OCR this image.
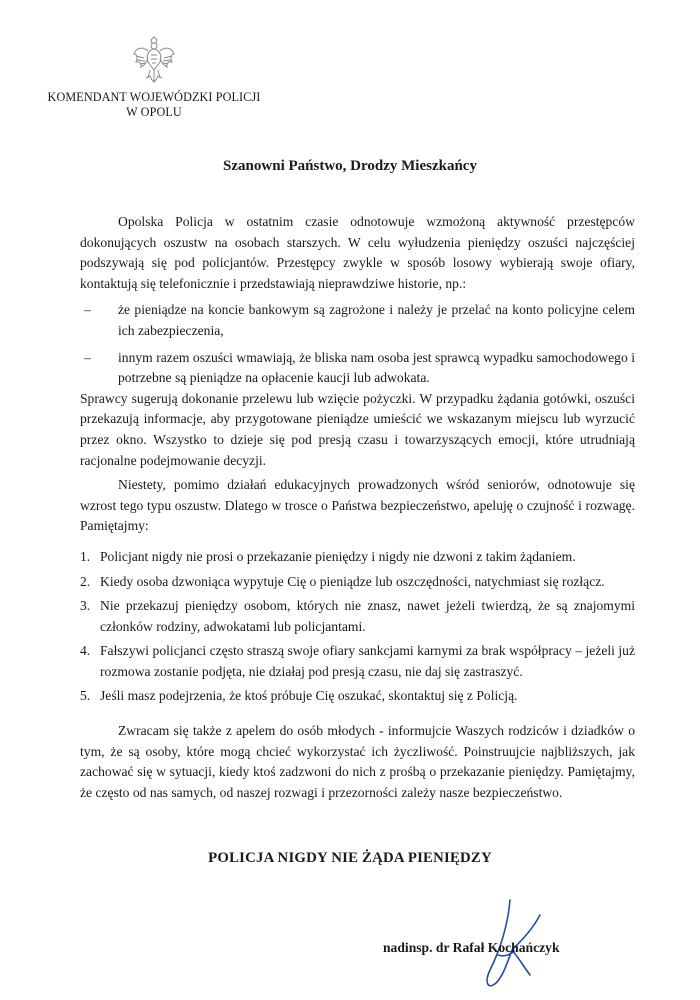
KOMENDANT WOJEWÓDZKI POLICJI
W OPOLU
Szanowni Państwo, Drodzy Mieszkańcy

Opolska Policja w ostatnim czasie odnotowuje wzmożoną aktywność przestępców dokonujących oszustw na osobach starszych. W celu wyłudzenia pieniędzy oszuści najczęściej podszywają się pod policjantów. Przestępcy zwykle w sposób losowy wybierają swoje ofiary, kontaktują się telefonicznie i przedstawiają nieprawdziwe historie, np.:

– że pieniądze na koncie bankowym są zagrożone i należy je przelać na konto policyjne celem ich zabezpieczenia,
– innym razem oszuści wmawiają, że bliska nam osoba jest sprawcą wypadku samochodowego i potrzebne są pieniądze na opłacenie kaucji lub adwokata.

Sprawcy sugerują dokonanie przelewu lub wzięcie pożyczki. W przypadku żądania gotówki, oszuści przekazują informacje, aby przygotowane pieniądze umieścić we wskazanym miejscu lub wyrzucić przez okno. Wszystko to dzieje się pod presją czasu i towarzyszących emocji, które utrudniają racjonalne podejmowanie decyzji.

Niestety, pomimo działań edukacyjnych prowadzonych wśród seniorów, odnotowuje się wzrost tego typu oszustw. Dlatego w trosce o Państwa bezpieczeństwo, apeluję o czujność i rozwagę. Pamiętajmy:

1. Policjant nigdy nie prosi o przekazanie pieniędzy i nigdy nie dzwoni z takim żądaniem.
2. Kiedy osoba dzwoniąca wypytuje Cię o pieniądze lub oszczędności, natychmiast się rozłącz.
3. Nie przekazuj pieniędzy osobom, których nie znasz, nawet jeżeli twierdzą, że są znajomymi członków rodziny, adwokatami lub policjantami.
4. Fałszywi policjanci często straszą swoje ofiary sankcjami karnymi za brak współpracy – jeżeli już rozmowa zostanie podjęta, nie działaj pod presją czasu, nie daj się zastraszyć.
5. Jeśli masz podejrzenia, że ktoś próbuje Cię oszukać, skontaktuj się z Policją.

Zwracam się także z apelem do osób młodych - informujcie Waszych rodziców i dziadków o tym, że są osoby, które mogą chcieć wykorzystać ich życzliwość. Poinstruujcie najbliższych, jak zachować się w sytuacji, kiedy ktoś zadzwoni do nich z prośbą o przekazanie pieniędzy. Pamiętajmy, że często od nas samych, od naszej rozwagi i przezorności zależy nasze bezpieczeństwo.

POLICJA NIGDY NIE ŻĄDA PIENIĘDZY
nadinsp. dr Rafał Kochańczyk
